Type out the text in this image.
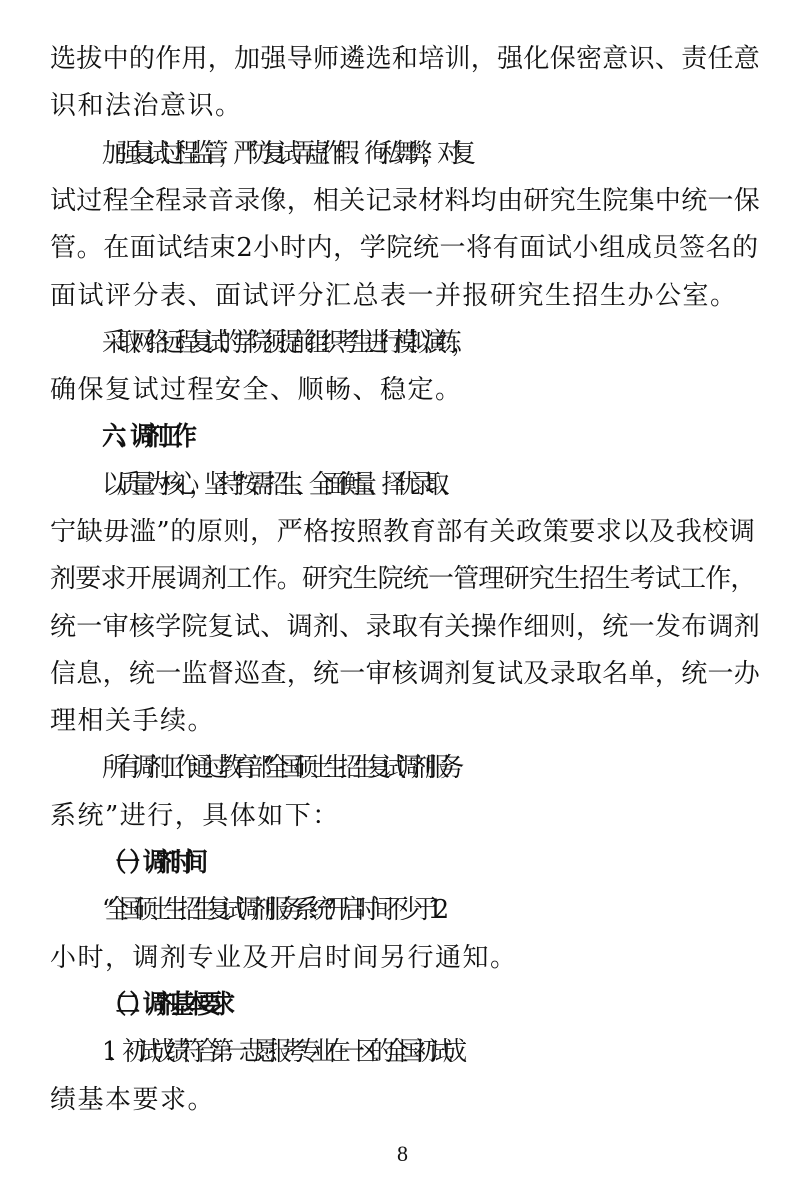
选拔中的作用，加强导师遴选和培训，强化保密意识、责任意
识和法治意识。
加强复试过程监管，严防复试弄虚作假、徇私舞弊，对复
试过程全程录音录像，相关记录材料均由研究生院集中统一保
管。在面试结束2小时内，学院统一将有面试小组成员签名的
面试评分表、面试评分汇总表一并报研究生招生办公室。
采取网络远程复试的学院须提前组织考生进行模拟演练，
确保复试过程安全、顺畅、稳定。
六、调剂工作
以质量为核心，坚持“按需招生、全面衡量、择优录取、
宁缺毋滥”的原则，严格按照教育部有关政策要求以及我校调
剂要求开展调剂工作。研究生院统一管理研究生招生考试工作，
统一审核学院复试、调剂、录取有关操作细则，统一发布调剂
信息，统一监督巡查，统一审核调剂复试及录取名单，统一办
理相关手续。
所有调剂工作通过教育部“全国硕士生招生复试调剂服务
系统”进行，具体如下：
（一）调剂时间
“全国硕士生招生复试调剂服务系统”开启时间不少于12
小时，调剂专业及开启时间另行通知。
（二）调剂基本要求
1．初试成绩符合第一志愿报考专业在一区的全国初试成
绩基本要求。
8
